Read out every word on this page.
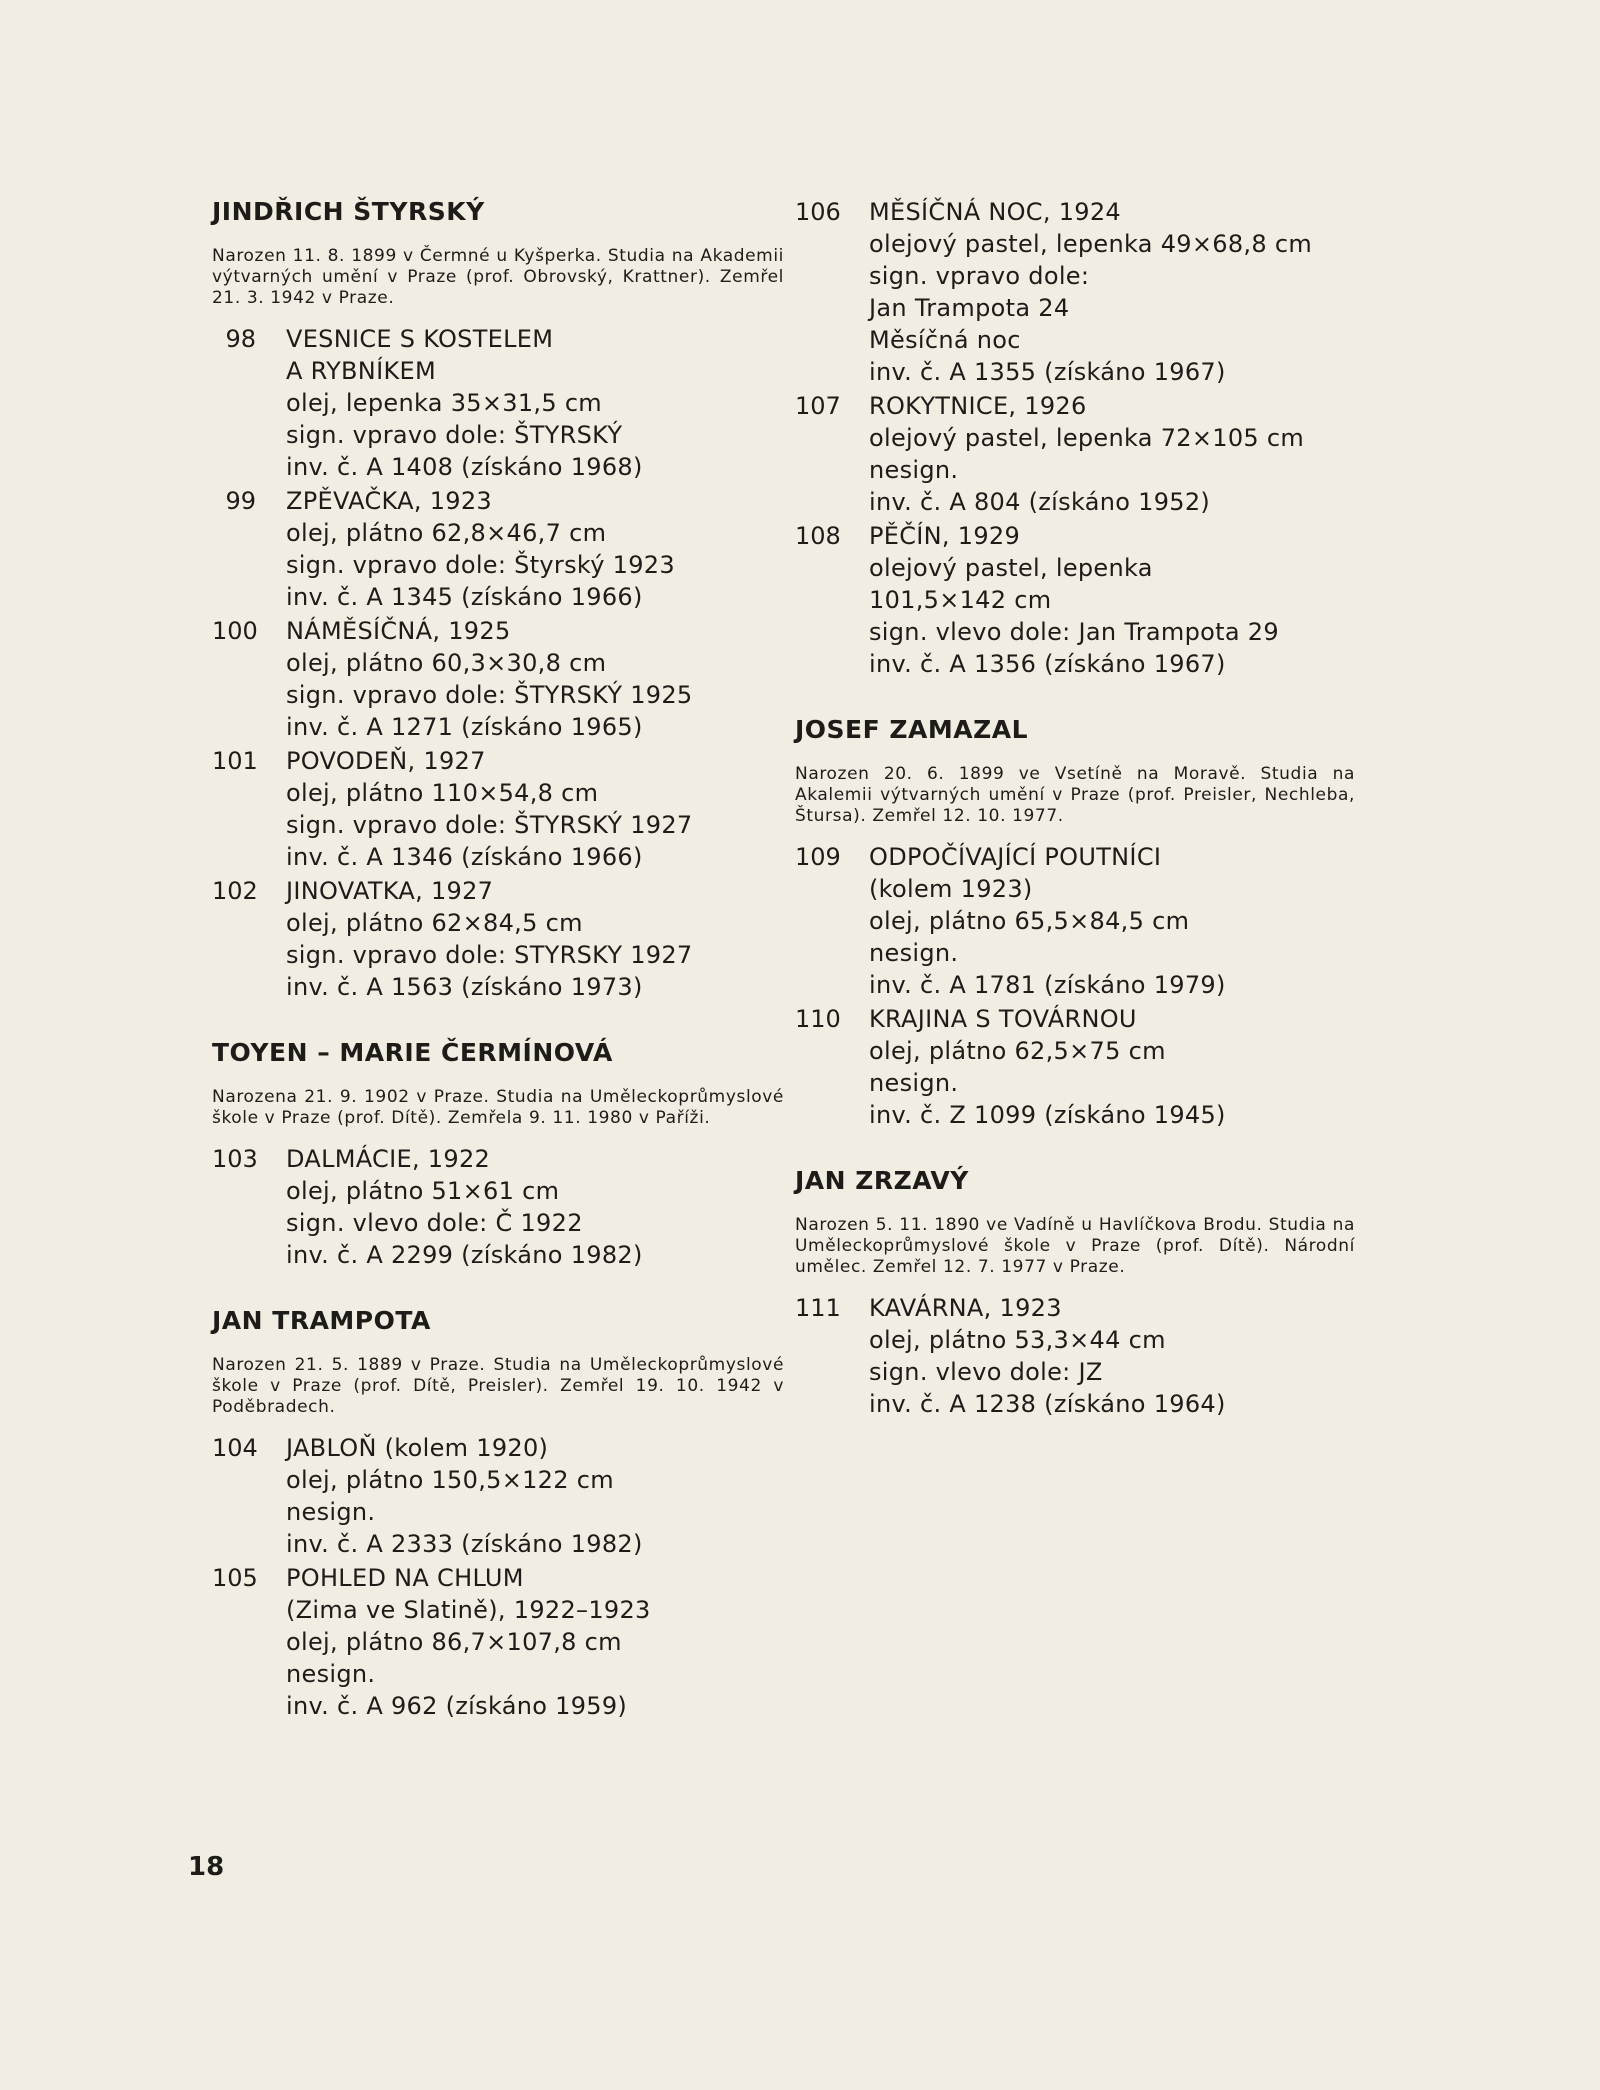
JINDŘICH ŠTYRSKÝ
Narozen 11. 8. 1899 v Čermné u Kyšperka. Studia na Akademii výtvarných umění v Praze (prof. Obrovský, Krattner). Zemřel 21. 3. 1942 v Praze.
98 VESNICE S KOSTELEM
A RYBNÍKEM
olej, lepenka 35×31,5 cm
sign. vpravo dole: ŠTYRSKÝ
inv. č. A 1408 (získáno 1968)
99 ZPĚVAČKA, 1923
olej, plátno 62,8×46,7 cm
sign. vpravo dole: Štyrský 1923
inv. č. A 1345 (získáno 1966)
100 NÁMĚSÍČNÁ, 1925
olej, plátno 60,3×30,8 cm
sign. vpravo dole: ŠTYRSKÝ 1925
inv. č. A 1271 (získáno 1965)
101 POVODEŇ, 1927
olej, plátno 110×54,8 cm
sign. vpravo dole: ŠTYRSKÝ 1927
inv. č. A 1346 (získáno 1966)
102 JINOVATKA, 1927
olej, plátno 62×84,5 cm
sign. vpravo dole: STYRSKY 1927
inv. č. A 1563 (získáno 1973)
TOYEN – MARIE ČERMÍNOVÁ
Narozena 21. 9. 1902 v Praze. Studia na Uměleckoprůmyslové škole v Praze (prof. Dítě). Zemřela 9. 11. 1980 v Paříži.
103 DALMÁCIE, 1922
olej, plátno 51×61 cm
sign. vlevo dole: Č 1922
inv. č. A 2299 (získáno 1982)
JAN TRAMPOTA
Narozen 21. 5. 1889 v Praze. Studia na Uměleckoprůmyslové škole v Praze (prof. Dítě, Preisler). Zemřel 19. 10. 1942 v Poděbradech.
104 JABLOŇ (kolem 1920)
olej, plátno 150,5×122 cm
nesign.
inv. č. A 2333 (získáno 1982)
105 POHLED NA CHLUM
(Zima ve Slatině), 1922–1923
olej, plátno 86,7×107,8 cm
nesign.
inv. č. A 962 (získáno 1959)
106 MĚSÍČNÁ NOC, 1924
olejový pastel, lepenka 49×68,8 cm
sign. vpravo dole:
Jan Trampota 24
Měsíčná noc
inv. č. A 1355 (získáno 1967)
107 ROKYTNICE, 1926
olejový pastel, lepenka 72×105 cm
nesign.
inv. č. A 804 (získáno 1952)
108 PĚČÍN, 1929
olejový pastel, lepenka
101,5×142 cm
sign. vlevo dole: Jan Trampota 29
inv. č. A 1356 (získáno 1967)
JOSEF ZAMAZAL
Narozen 20. 6. 1899 ve Vsetíně na Moravě. Studia na Akalemii výtvarných umění v Praze (prof. Preisler, Nechleba, Štursa). Zemřel 12. 10. 1977.
109 ODPOČÍVAJÍCÍ POUTNÍCI
(kolem 1923)
olej, plátno 65,5×84,5 cm
nesign.
inv. č. A 1781 (získáno 1979)
110 KRAJINA S TOVÁRNOU
olej, plátno 62,5×75 cm
nesign.
inv. č. Z 1099 (získáno 1945)
JAN ZRZAVÝ
Narozen 5. 11. 1890 ve Vadíně u Havlíčkova Brodu. Studia na Uměleckoprůmyslové škole v Praze (prof. Dítě). Národní umělec. Zemřel 12. 7. 1977 v Praze.
111 KAVÁRNA, 1923
olej, plátno 53,3×44 cm
sign. vlevo dole: JZ
inv. č. A 1238 (získáno 1964)
18
